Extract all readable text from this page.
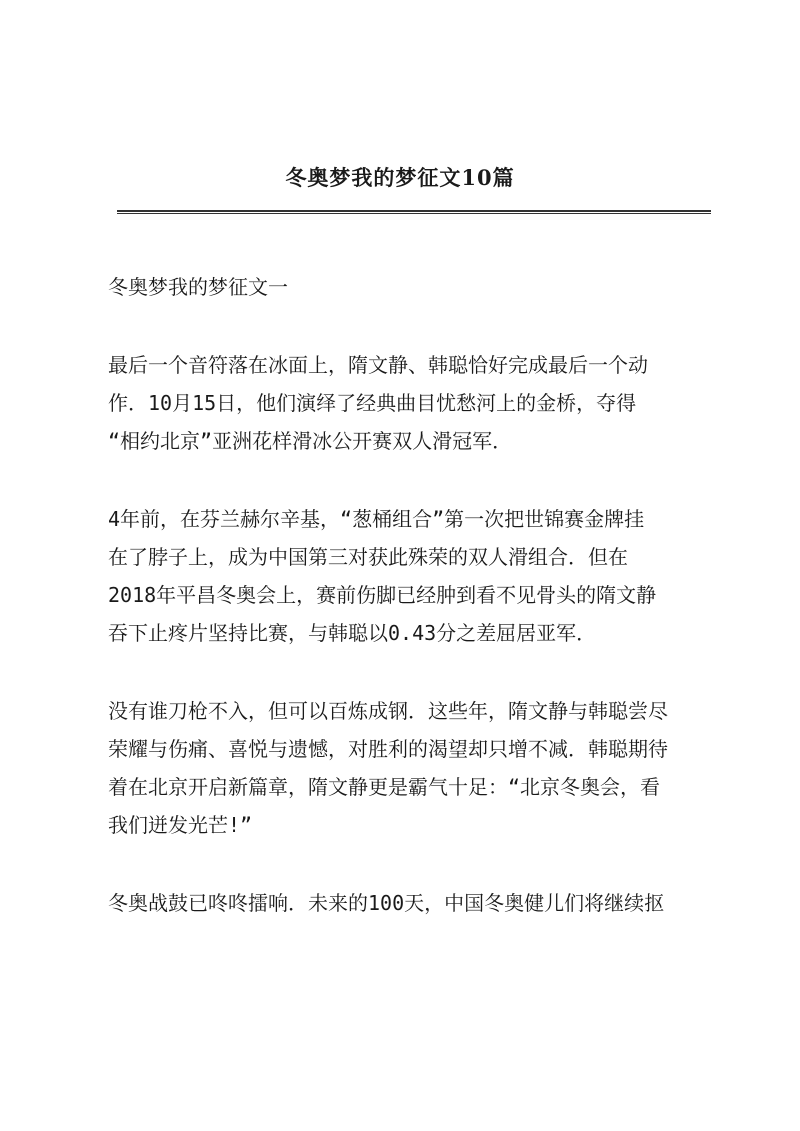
冬奥梦我的梦征文10篇

冬奥梦我的梦征文一

最后一个音符落在冰面上，隋文静、韩聪恰好完成最后一个动
作．10月15日，他们演绎了经典曲目忧愁河上的金桥，夺得
“相约北京”亚洲花样滑冰公开赛双人滑冠军．

4年前，在芬兰赫尔辛基，“葱桶组合”第一次把世锦赛金牌挂
在了脖子上，成为中国第三对获此殊荣的双人滑组合．但在
2018年平昌冬奥会上，赛前伤脚已经肿到看不见骨头的隋文静
吞下止疼片坚持比赛，与韩聪以0.43分之差屈居亚军．

没有谁刀枪不入，但可以百炼成钢．这些年，隋文静与韩聪尝尽
荣耀与伤痛、喜悦与遗憾，对胜利的渴望却只增不减．韩聪期待
着在北京开启新篇章，隋文静更是霸气十足：“北京冬奥会，看
我们迸发光芒!”

冬奥战鼓已咚咚擂响．未来的100天，中国冬奥健儿们将继续抠
